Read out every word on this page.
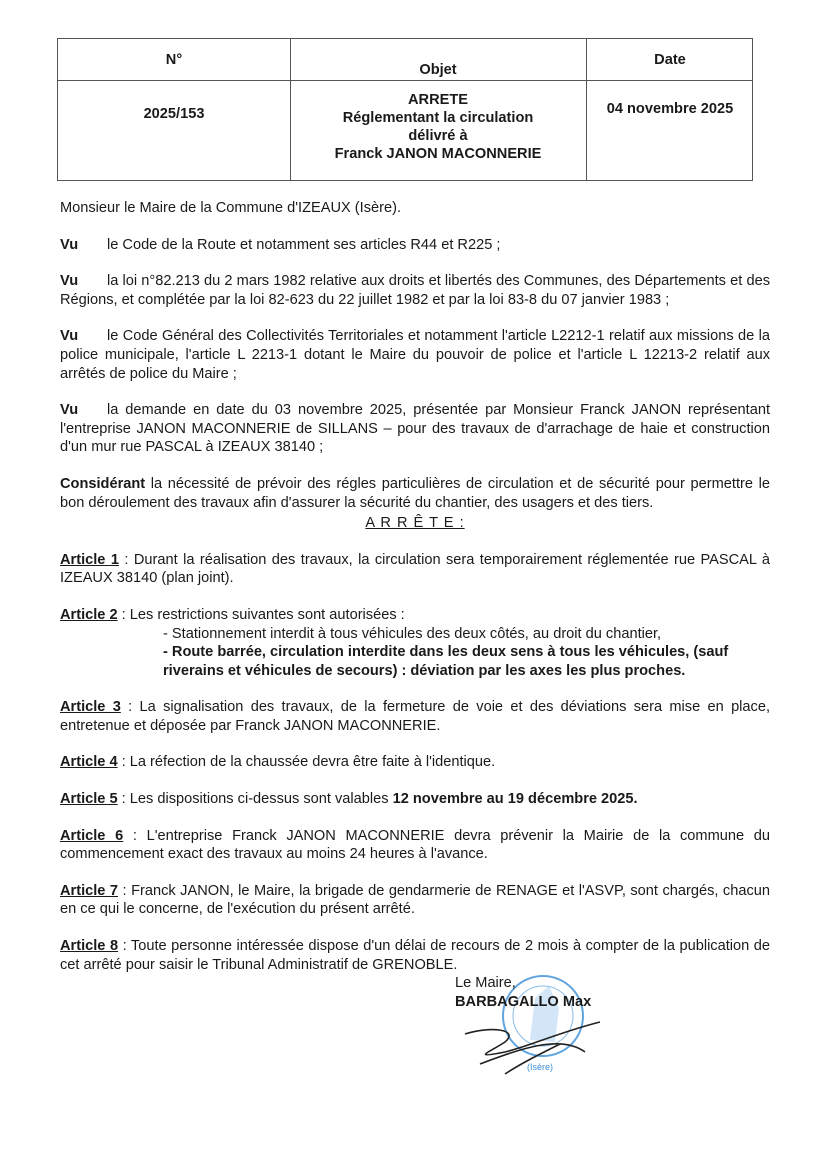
N°
Objet
Date
2025/153
ARRETE
Réglementant la circulation
délivré à
Franck JANON MACONNERIE
04 novembre 2025

Monsieur le Maire de la Commune d'IZEAUX (Isère).

Vu le Code de la Route et notamment ses articles R44 et R225 ;

Vu la loi n°82.213 du 2 mars 1982 relative aux droits et libertés des Communes, des Départements et des Régions, et complétée par la loi 82-623 du 22 juillet 1982 et par la loi 83-8 du 07 janvier 1983 ;

Vu le Code Général des Collectivités Territoriales et notamment l'article L2212-1 relatif aux missions de la police municipale, l'article L 2213-1 dotant le Maire du pouvoir de police et l'article L 12213-2 relatif aux arrêtés de police du Maire ;

Vu la demande en date du 03 novembre 2025, présentée par Monsieur Franck JANON représentant l'entreprise JANON MACONNERIE de SILLANS – pour des travaux de d'arrachage de haie et construction d'un mur rue PASCAL à IZEAUX 38140 ;

Considérant la nécessité de prévoir des régles particulières de circulation et de sécurité pour permettre le bon déroulement des travaux afin d'assurer la sécurité du chantier, des usagers et des tiers.

A R R Ê T E :

Article 1 : Durant la réalisation des travaux, la circulation sera temporairement réglementée rue PASCAL à IZEAUX 38140 (plan joint).

Article 2 : Les restrictions suivantes sont autorisées :

- Stationnement interdit à tous véhicules des deux côtés, au droit du chantier,
- Route barrée, circulation interdite dans les deux sens à tous les véhicules, (sauf riverains et véhicules de secours) : déviation par les axes les plus proches.

Article 3 : La signalisation des travaux, de la fermeture de voie et des déviations sera mise en place, entretenue et déposée par Franck JANON MACONNERIE.

Article 4 : La réfection de la chaussée devra être faite à l'identique.

Article 5 : Les dispositions ci-dessus sont valables 12 novembre au 19 décembre 2025.

Article 6 : L'entreprise Franck JANON MACONNERIE devra prévenir la Mairie de la commune du commencement exact des travaux au moins 24 heures à l'avance.

Article 7 : Franck JANON, le Maire, la brigade de gendarmerie de RENAGE et l'ASVP, sont chargés, chacun en ce qui le concerne, de l'exécution du présent arrêté.

Article 8 : Toute personne intéressée dispose d'un délai de recours de 2 mois à compter de la publication de cet arrêté pour saisir le Tribunal Administratif de GRENOBLE.

(Isère)
Le Maire,
BARBAGALLO Max
